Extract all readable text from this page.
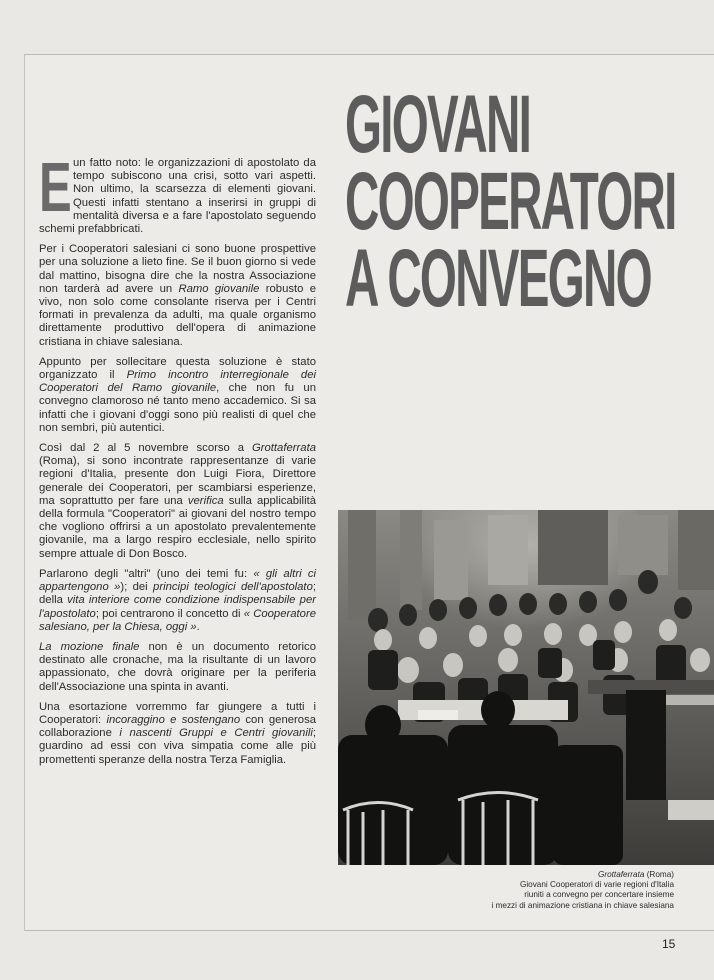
GIOVANI
COOPERATORI
A CONVEGNO

Eun fatto noto: le organizzazioni di apostolato da tempo subiscono una crisi, sotto vari aspetti. Non ultimo, la scarsezza di elementi giovani. Questi infatti stentano a inserirsi in gruppi di mentalità diversa e a fare l'apostolato seguendo schemi prefabbricati.

Per i Cooperatori salesiani ci sono buone prospettive per una soluzione a lieto fine. Se il buon giorno si vede dal mattino, bisogna dire che la nostra Associazione non tarderà ad avere un Ramo giovanile robusto e vivo, non solo come consolante riserva per i Centri formati in prevalenza da adulti, ma quale organismo direttamente produttivo dell'opera di animazione cristiana in chiave salesiana.

Appunto per sollecitare questa soluzione è stato organizzato il Primo incontro interregionale dei Cooperatori del Ramo giovanile, che non fu un convegno clamoroso né tanto meno accademico. Si sa infatti che i giovani d'oggi sono più realisti di quel che non sembri, più autentici.

Così dal 2 al 5 novembre scorso a Grottaferrata (Roma), si sono incontrate rappresentanze di varie regioni d'Italia, presente don Luigi Fiora, Direttore generale dei Cooperatori, per scambiarsi esperienze, ma soprattutto per fare una verifica sulla applicabilità della formula "Cooperatori" ai giovani del nostro tempo che vogliono offrirsi a un apostolato prevalentemente giovanile, ma a largo respiro ecclesiale, nello spirito sempre attuale di Don Bosco.

Parlarono degli "altri" (uno dei temi fu: « gli altri ci appartengono »); dei principi teologici dell'apostolato; della vita interiore come condizione indispensabile per l'apostolato; poi centrarono il concetto di « Cooperatore salesiano, per la Chiesa, oggi ».

La mozione finale non è un documento retorico destinato alle cronache, ma la risultante di un lavoro appassionato, che dovrà originare per la periferia dell'Associazione una spinta in avanti.

Una esortazione vorremmo far giungere a tutti i Cooperatori: incoraggino e sostengano con generosa collaborazione i nascenti Gruppi e Centri giovanili; guardino ad essi con viva simpatia come alle più promettenti speranze della nostra Terza Famiglia.

Grottaferrata (Roma)
Giovani Cooperatori di varie regioni d'Italia
riuniti a convegno per concertare insieme
i mezzi di animazione cristiana in chiave salesiana
15
